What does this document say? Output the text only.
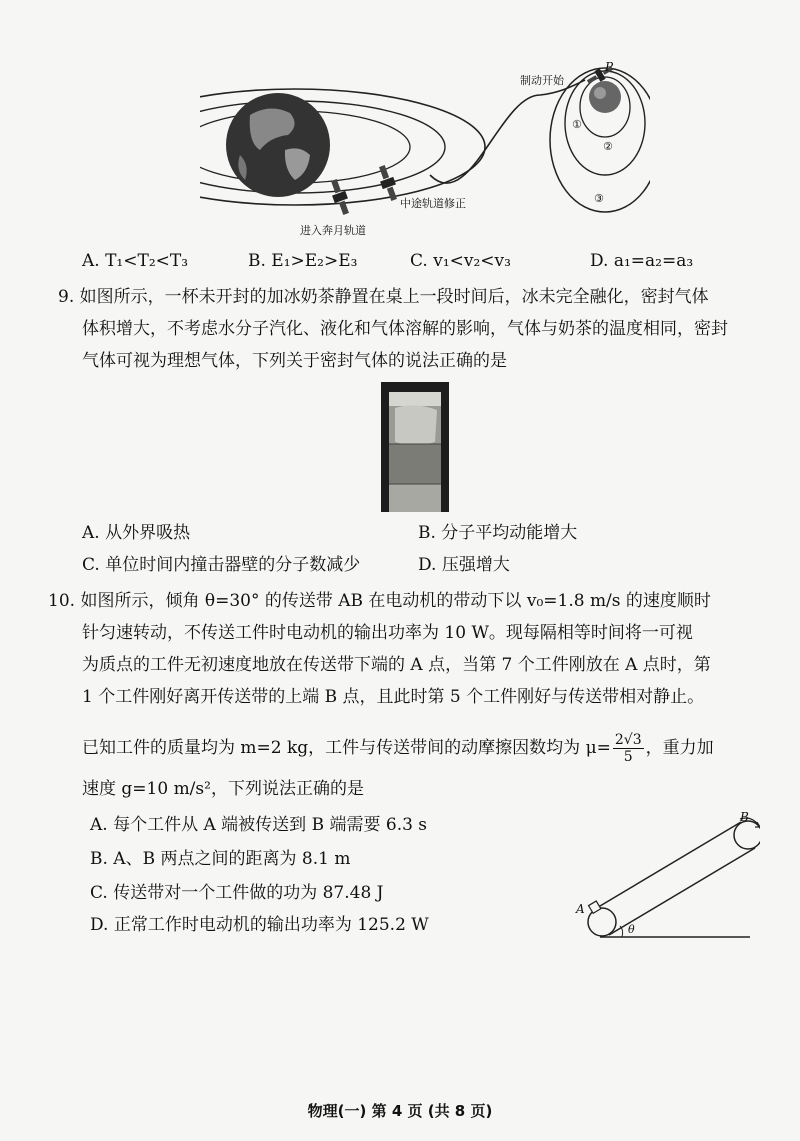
制动开始
P
①
②
③
中途轨道修正
进入奔月轨道
A. T₁<T₂<T₃	B. E₁>E₂>E₃	C. v₁<v₂<v₃	D. a₁=a₂=a₃
9. 如图所示，一杯未开封的加冰奶茶静置在桌上一段时间后，冰未完全融化，密封气体
体积增大，不考虑水分子汽化、液化和气体溶解的影响，气体与奶茶的温度相同，密封
气体可视为理想气体，下列关于密封气体的说法正确的是
A. 从外界吸热	B. 分子平均动能增大
C. 单位时间内撞击器壁的分子数减少	D. 压强增大
10. 如图所示，倾角 θ=30° 的传送带 AB 在电动机的带动下以 v₀=1.8 m/s 的速度顺时
针匀速转动，不传送工件时电动机的输出功率为 10 W。现每隔相等时间将一可视
为质点的工件无初速度地放在传送带下端的 A 点，当第 7 个工件刚放在 A 点时，第
1 个工件刚好离开传送带的上端 B 点，且此时第 5 个工件刚好与传送带相对静止。
已知工件的质量均为 m=2 kg，工件与传送带间的动摩擦因数均为 $\mu= \frac{2√3}{5}$ ，重力加
速度 g=10 m/s²，下列说法正确的是
A. 每个工件从 A 端被传送到 B 端需要 6.3 s
B. A、B 两点之间的距离为 8.1 m
C. 传送带对一个工件做的功为 87.48 J
D. 正常工作时电动机的输出功率为 125.2 W
A
B
θ
物理(一) 第 4 页 (共 8 页)
